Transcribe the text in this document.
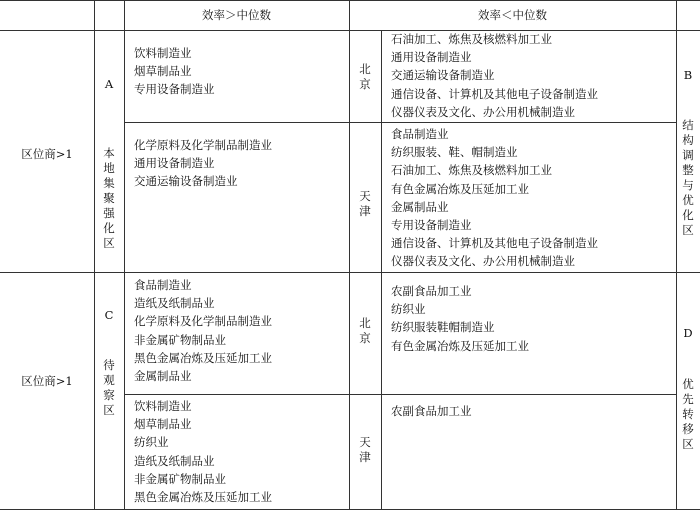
效率＞中位数	效率＜中位数
区位商>1
A
本地集聚强化区
B
结构调整与优化区
北京
天津
饮料制造业
烟草制品业
专用设备制造业
石油加工、炼焦及核燃料加工业
通用设备制造业
交通运输设备制造业
通信设备、计算机及其他电子设备制造业
仪器仪表及文化、办公用机械制造业
化学原料及化学制品制造业
通用设备制造业
交通运输设备制造业
食品制造业
纺织服装、鞋、帽制造业
石油加工、炼焦及核燃料加工业
有色金属冶炼及压延加工业
金属制品业
专用设备制造业
通信设备、计算机及其他电子设备制造业
仪器仪表及文化、办公用机械制造业
区位商>1
C
待观察区
D
优先转移区
北京
天津
食品制造业
造纸及纸制品业
化学原料及化学制品制造业
非金属矿物制品业
黑色金属冶炼及压延加工业
金属制品业
农副食品加工业
纺织业
纺织服装鞋帽制造业
有色金属冶炼及压延加工业
饮料制造业
烟草制品业
纺织业
造纸及纸制品业
非金属矿物制品业
黑色金属冶炼及压延加工业
农副食品加工业
